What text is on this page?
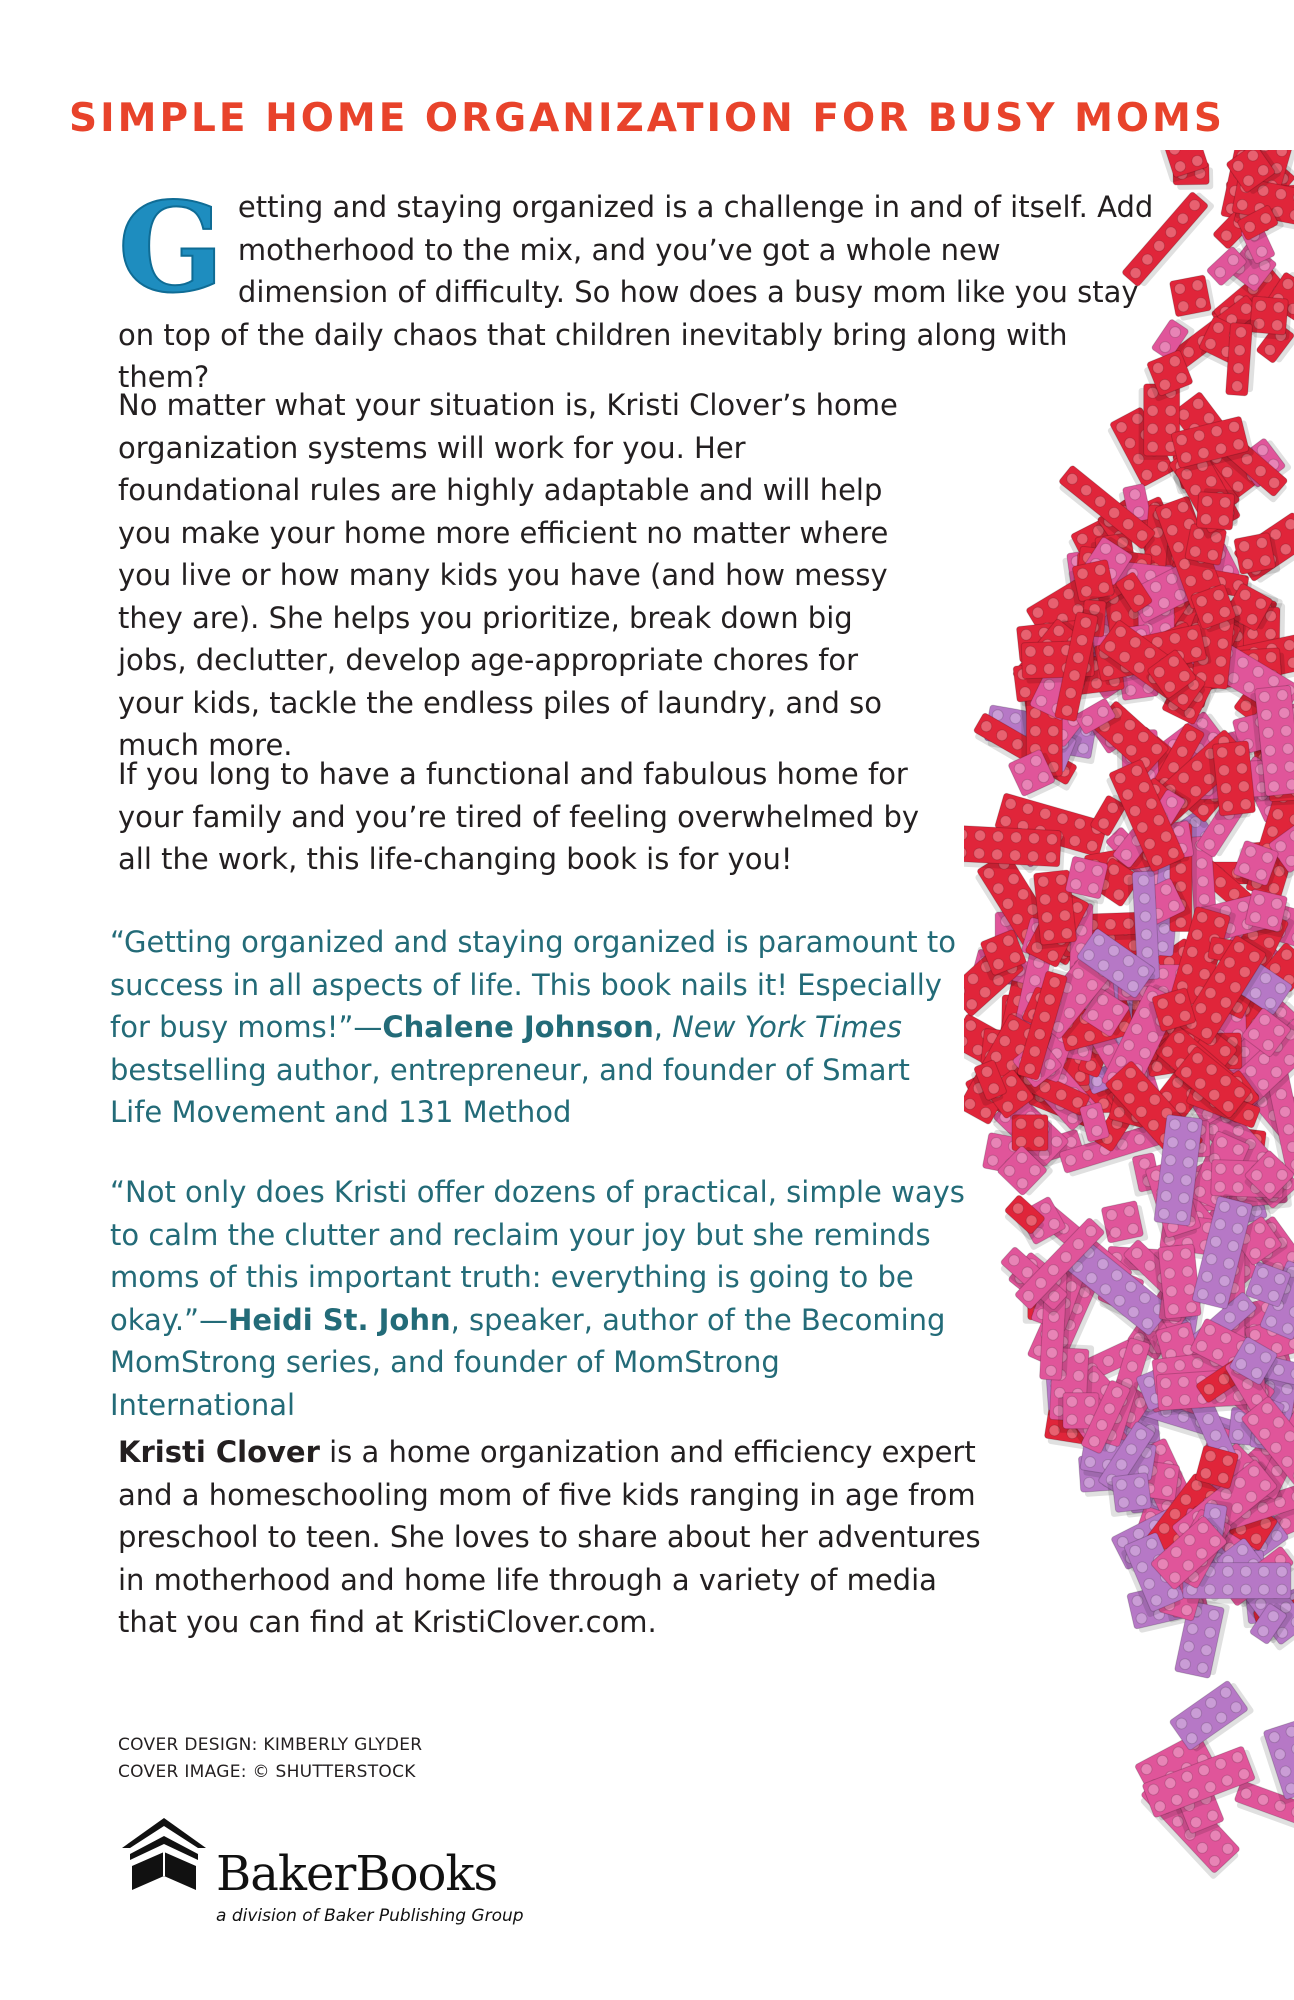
SIMPLE HOME ORGANIZATION FOR BUSY MOMS

Getting and staying organized is a challenge in and of itself. Add motherhood to the mix, and you’ve got a whole new dimension of difficulty. So how does a busy mom like you stay on top of the daily chaos that children inevitably bring along with them?

No matter what your situation is, Kristi Clover’s home organization systems will work for you. Her foundational rules are highly adaptable and will help you make your home more efficient no matter where you live or how many kids you have (and how messy they are). She helps you prioritize, break down big jobs, declutter, develop age-appropriate chores for your kids, tackle the endless piles of laundry, and so much more.

If you long to have a functional and fabulous home for your family and you’re tired of feeling overwhelmed by all the work, this life-changing book is for you!

“Getting organized and staying organized is paramount to success in all aspects of life. This book nails it! Especially for busy moms!”—Chalene Johnson, New York Times bestselling author, entrepreneur, and founder of Smart Life Movement and 131 Method

“Not only does Kristi offer dozens of practical, simple ways to calm the clutter and reclaim your joy but she reminds moms of this important truth: everything is going to be okay.”—Heidi St. John, speaker, author of the Becoming MomStrong series, and founder of MomStrong International

Kristi Clover is a home organization and efficiency expert and a homeschooling mom of five kids ranging in age from preschool to teen. She loves to share about her adventures in motherhood and home life through a variety of media that you can find at KristiClover.com.

COVER DESIGN: KIMBERLY GLYDER
COVER IMAGE: © SHUTTERSTOCK
BakerBooks
a division of Baker Publishing Group
